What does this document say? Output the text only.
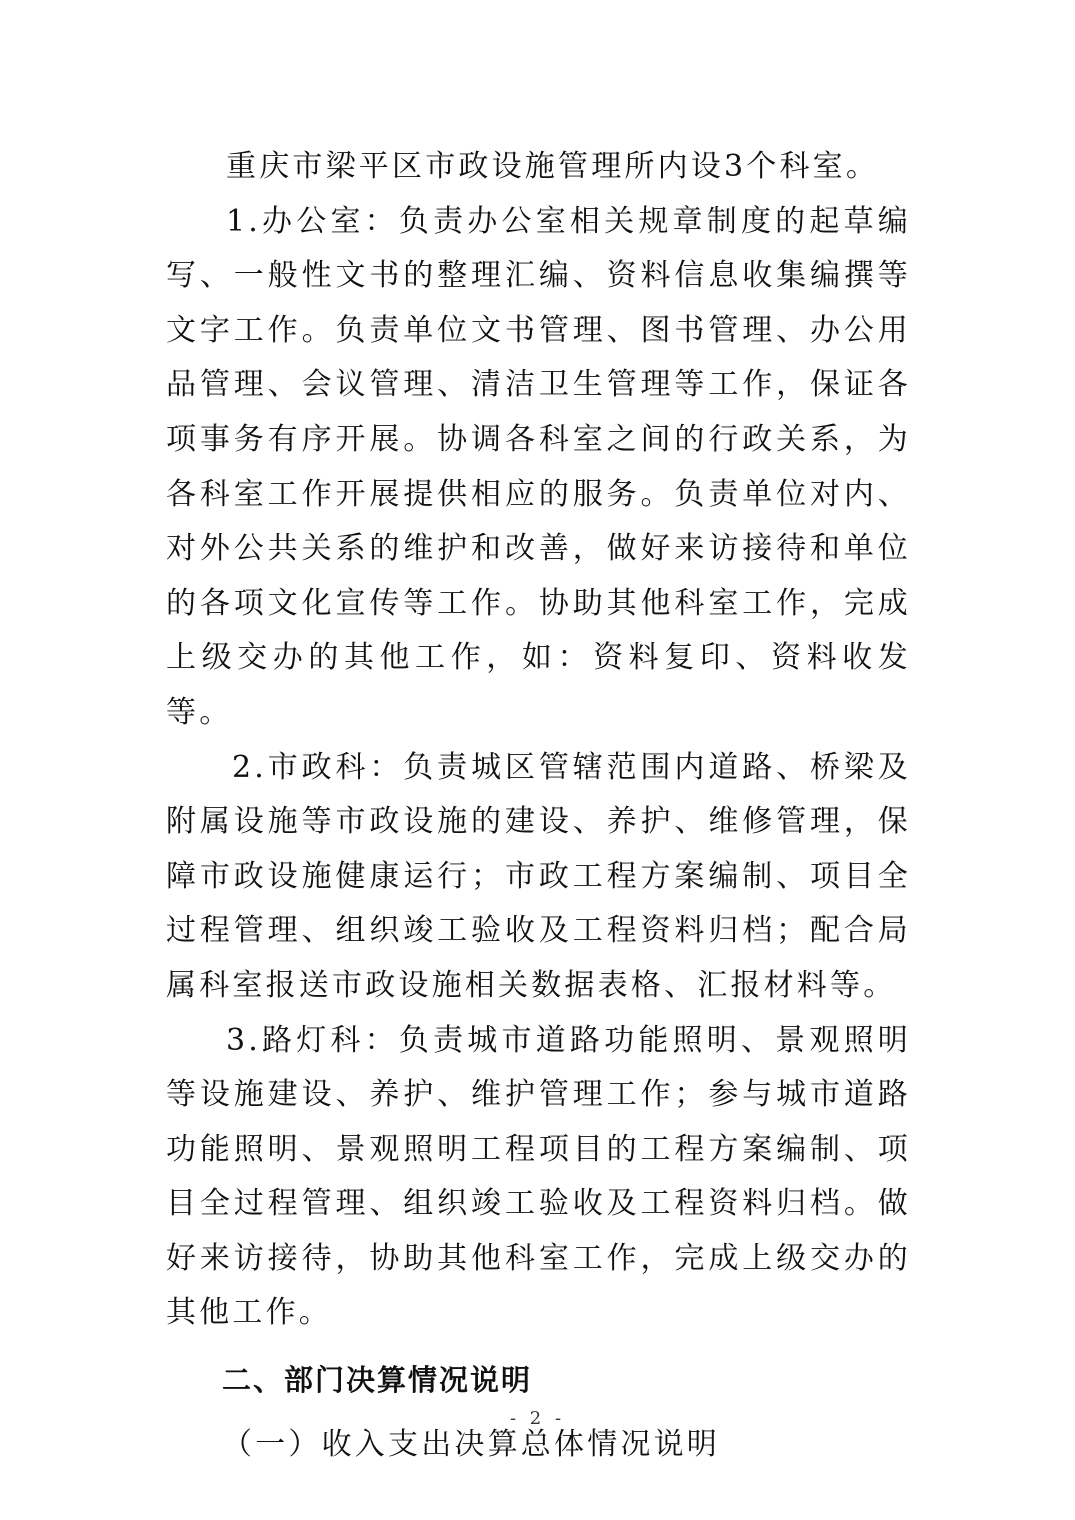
重庆市梁平区市政设施管理所内设3个科室。

1.办公室：负责办公室相关规章制度的起草编写、一般性文书的整理汇编、资料信息收集编撰等文字工作。负责单位文书管理、图书管理、办公用品管理、会议管理、清洁卫生管理等工作，保证各项事务有序开展。协调各科室之间的行政关系，为各科室工作开展提供相应的服务。负责单位对内、对外公共关系的维护和改善，做好来访接待和单位的各项文化宣传等工作。协助其他科室工作，完成上级交办的其他工作，如：资料复印、资料收发等。

2.市政科：负责城区管辖范围内道路、桥梁及附属设施等市政设施的建设、养护、维修管理，保障市政设施健康运行；市政工程方案编制、项目全过程管理、组织竣工验收及工程资料归档；配合局属科室报送市政设施相关数据表格、汇报材料等。

3.路灯科：负责城市道路功能照明、景观照明等设施建设、养护、维护管理工作；参与城市道路功能照明、景观照明工程项目的工程方案编制、项目全过程管理、组织竣工验收及工程资料归档。做好来访接待，协助其他科室工作，完成上级交办的其他工作。

二、部门决算情况说明

（一）收入支出决算总体情况说明

- 2 -
